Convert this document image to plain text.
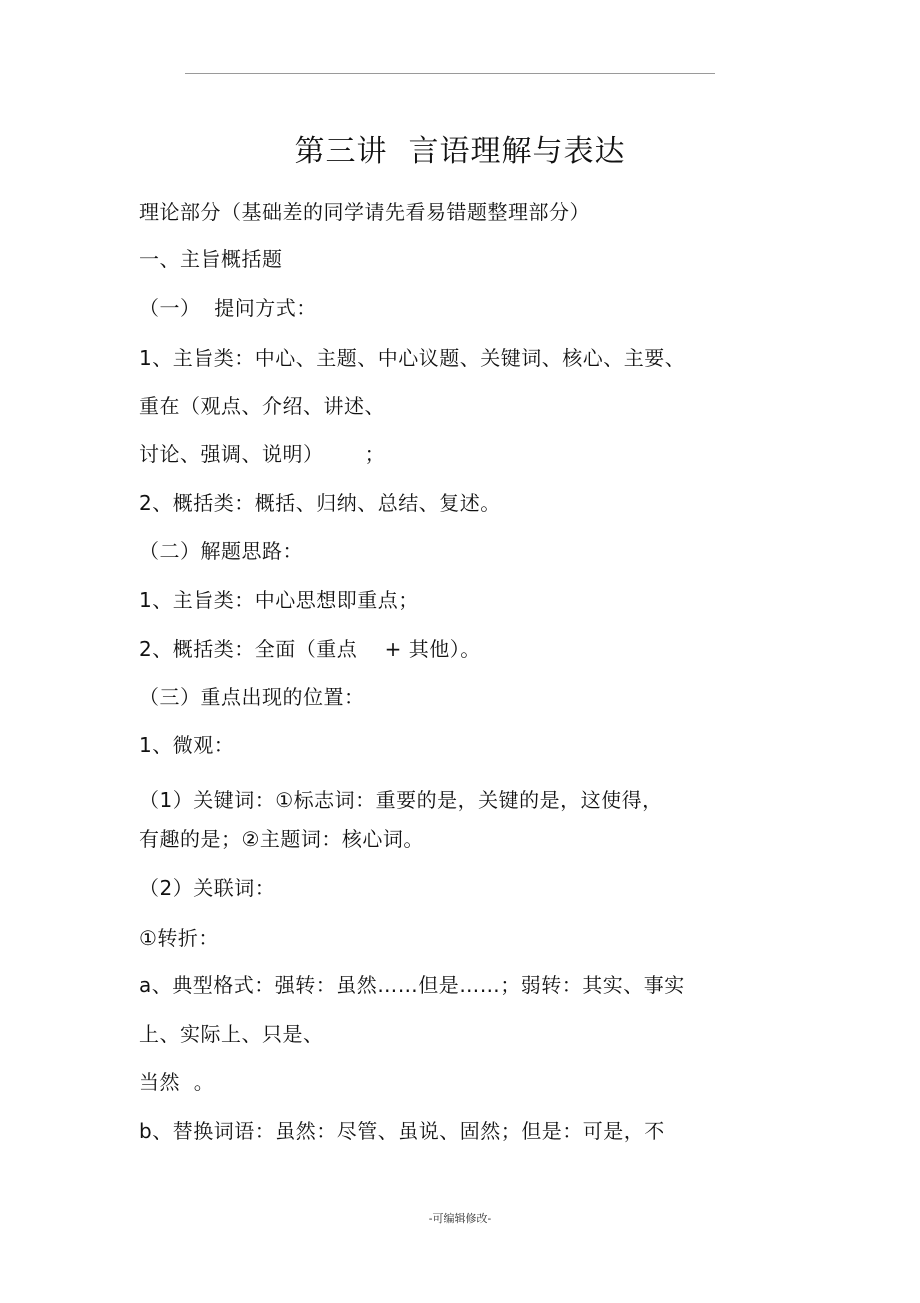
第三讲  言语理解与表达
理论部分（基础差的同学请先看易错题整理部分）
一、主旨概括题
（一）  提问方式：
1、主旨类：中心、主题、中心议题、关键词、核心、主要、
重在（观点、介绍、讲述、
讨论、强调、说明）      ；
2、概括类：概括、归纳、总结、复述。
（二）解题思路：
1、主旨类：中心思想即重点；
2、概括类：全面（重点    + 其他）。
（三）重点出现的位置：
1、微观：
（1）关键词：①标志词：重要的是，关键的是，这使得，
有趣的是；②主题词：核心词。
（2）关联词：
①转折：
a、典型格式：强转：虽然……但是……；弱转：其实、事实
上、实际上、只是、
当然  。
b、替换词语：虽然：尽管、虽说、固然；但是：可是，不
-可编辑修改-
